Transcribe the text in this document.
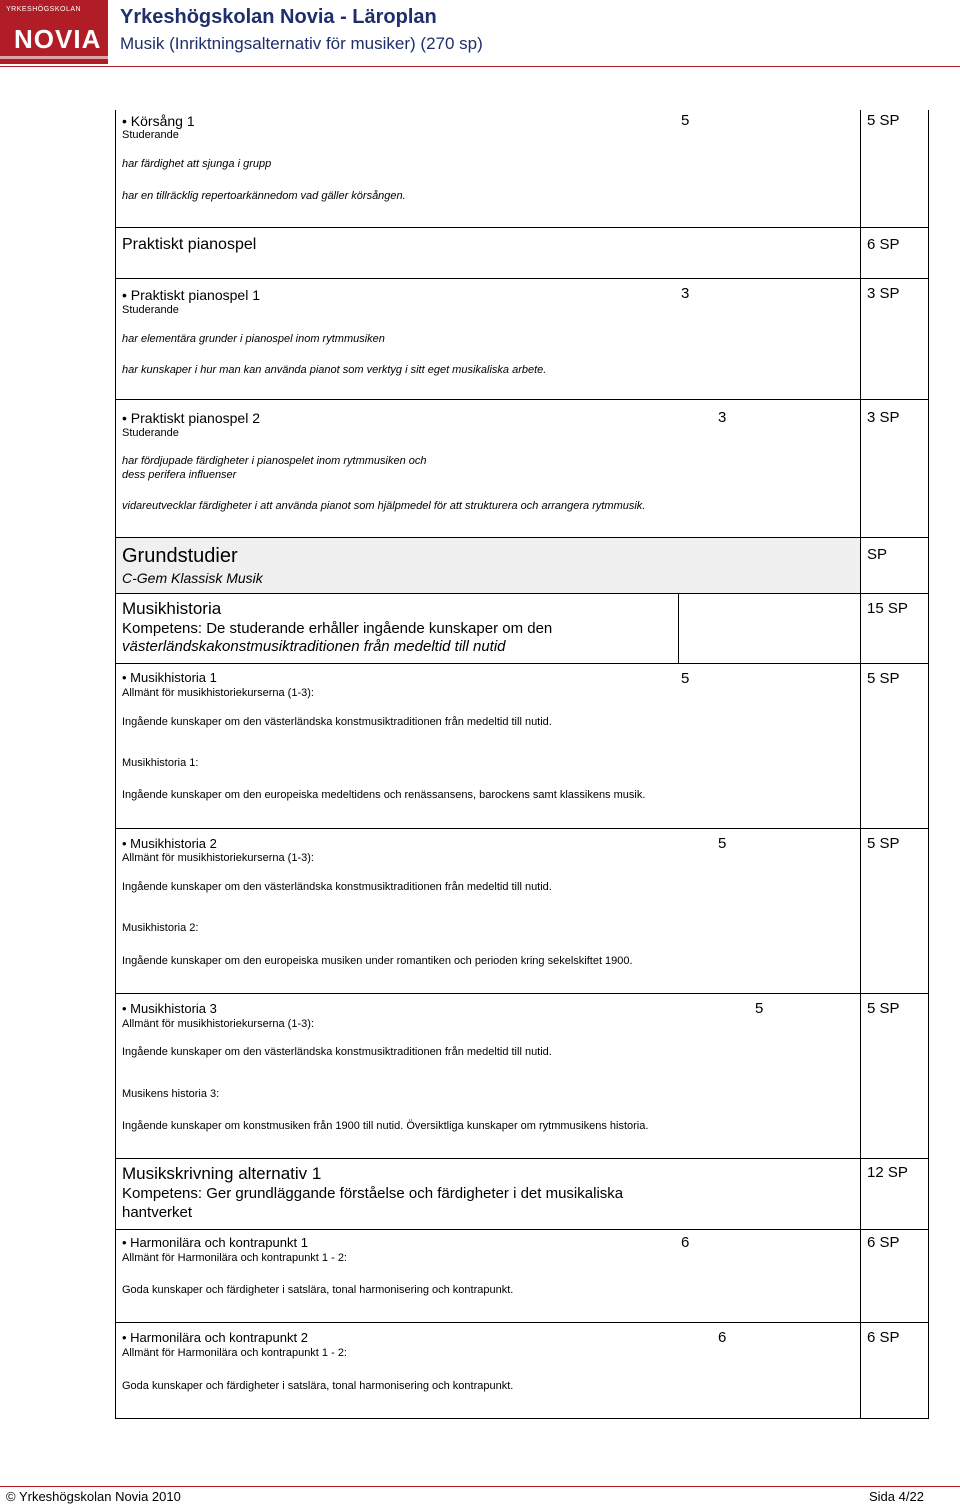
YRKESHÖGSKOLAN
NOVIA
Yrkeshögskolan Novia - Läroplan
Musik (Inriktningsalternativ för musiker) (270 sp)
• Körsång 1
Studerande
har färdighet att sjunga i grupp
har en tillräcklig repertoarkännedom vad gäller körsången.
5	5 SP
Praktiskt pianospel	6 SP
• Praktiskt pianospel 1
Studerande
har elementära grunder i pianospel inom rytmmusiken
har kunskaper i hur man kan använda pianot som verktyg i sitt eget musikaliska arbete.
3	3 SP
• Praktiskt pianospel 2
Studerande
har fördjupade färdigheter i pianospelet inom rytmmusiken och
dess perifera influenser
vidareutvecklar färdigheter i att använda pianot som hjälpmedel för att strukturera och arrangera rytmmusik.
3	3 SP
Grundstudier
C-Gem Klassisk Musik
SP
Musikhistoria
Kompetens: De studerande erhåller ingående kunskaper om den
västerländskakonstmusiktraditionen från medeltid till nutid
15 SP
• Musikhistoria 1
Allmänt för musikhistoriekurserna (1-3):
Ingående kunskaper om den västerländska konstmusiktraditionen från medeltid till nutid.
Musikhistoria 1:
Ingående kunskaper om den europeiska medeltidens och renässansens, barockens samt klassikens musik.
5	5 SP
• Musikhistoria 2
Allmänt för musikhistoriekurserna (1-3):
Ingående kunskaper om den västerländska konstmusiktraditionen från medeltid till nutid.
Musikhistoria 2:
Ingående kunskaper om den europeiska musiken under romantiken och perioden kring sekelskiftet 1900.
5	5 SP
• Musikhistoria 3
Allmänt för musikhistoriekurserna (1-3):
Ingående kunskaper om den västerländska konstmusiktraditionen från medeltid till nutid.
Musikens historia 3:
Ingående kunskaper om konstmusiken från 1900 till nutid. Översiktliga kunskaper om rytmmusikens historia.
5	5 SP
Musikskrivning alternativ 1
Kompetens: Ger grundläggande förståelse och färdigheter i det musikaliska
hantverket
12 SP
• Harmonilära och kontrapunkt 1
Allmänt för Harmonilära och kontrapunkt 1 - 2:
Goda kunskaper och färdigheter i satslära, tonal harmonisering och kontrapunkt.
6	6 SP
• Harmonilära och kontrapunkt 2
Allmänt för Harmonilära och kontrapunkt 1 - 2:
Goda kunskaper och färdigheter i satslära, tonal harmonisering och kontrapunkt.
6	6 SP
© Yrkeshögskolan Novia 2010	Sida 4/22
